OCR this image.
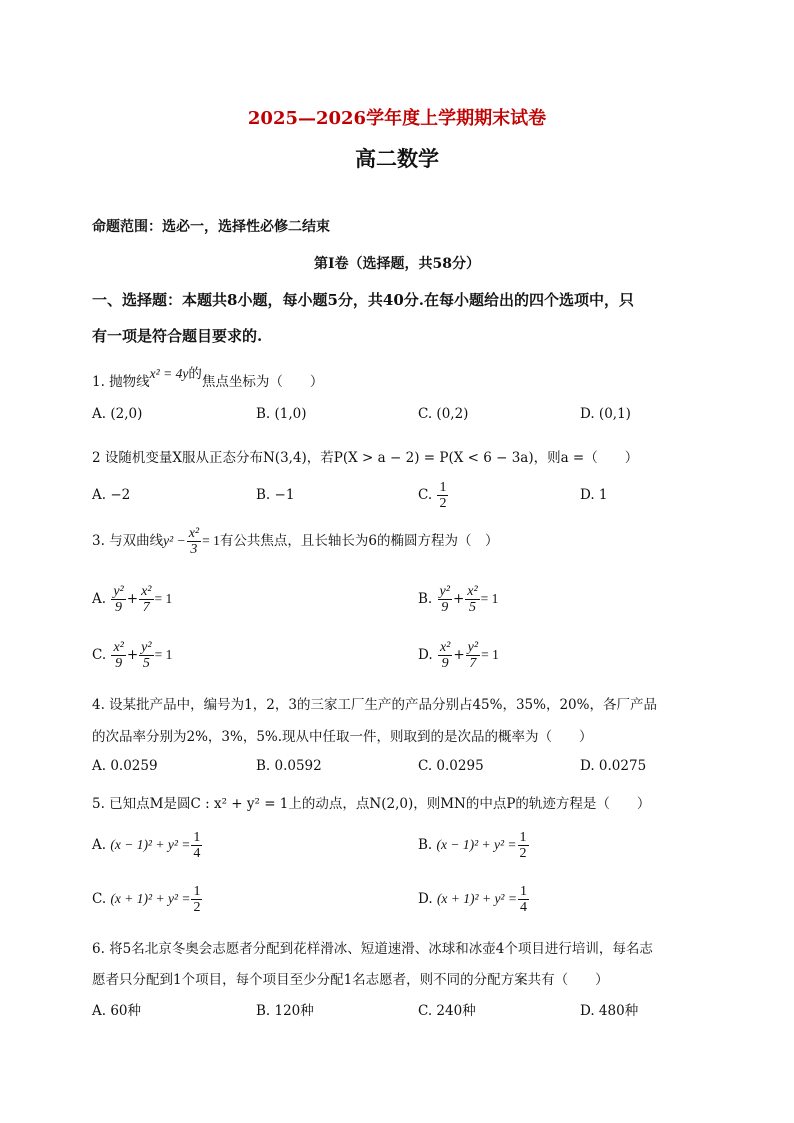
2025—2026学年度上学期期末试卷
高二数学
命题范围：选必一，选择性必修二结束
第Ⅰ卷（选择题，共58分）
一、选择题：本题共8小题，每小题5分，共40分.在每小题给出的四个选项中，只
有一项是符合题目要求的.
1. 抛物线x² = 4y的焦点坐标为（　　）
A. (2,0)	B. (1,0)	C. (0,2)	D. (0,1)
2 设随机变量X服从正态分布N(3,4)，若P(X > a − 2) = P(X < 6 − 3a)，则a =（　　）
A. −2	B. −1	C. $\frac{1}{2}$	D. 1
3. 与双曲线$y^2 - \frac{\text{x²}}{3} = 1$有公共焦点，且长轴长为6的椭圆方程为（　）
A. $\frac{\text{y²}}{9} + \frac{\text{x²}}{7} = 1$	B. $\frac{\text{y²}}{9} + \frac{\text{x²}}{5} = 1$
C. $\frac{\text{x²}}{9} + \frac{\text{y²}}{5} = 1$	D. $\frac{\text{x²}}{9} + \frac{\text{y²}}{7} = 1$
4. 设某批产品中，编号为1，2，3的三家工厂生产的产品分别占45%，35%，20%，各厂产品
的次品率分别为2%，3%，5%.现从中任取一件，则取到的是次品的概率为（　　）
A. 0.0259	B. 0.0592	C. 0.0295	D. 0.0275
5. 已知点M是圆C : x² + y² = 1上的动点，点N(2,0)，则MN的中点P的轨迹方程是（　　）
A. $(x - 1)^2 + y^2 = \frac{1}{4}$	B. $(x - 1)^2 + y^2 = \frac{1}{2}$
C. $(x + 1)^2 + y^2 = \frac{1}{2}$	D. $(x + 1)^2 + y^2 = \frac{1}{4}$
6. 将5名北京冬奥会志愿者分配到花样滑冰、短道速滑、冰球和冰壶4个项目进行培训，每名志
愿者只分配到1个项目，每个项目至少分配1名志愿者，则不同的分配方案共有（　　）
A. 60种	B. 120种	C. 240种	D. 480种
